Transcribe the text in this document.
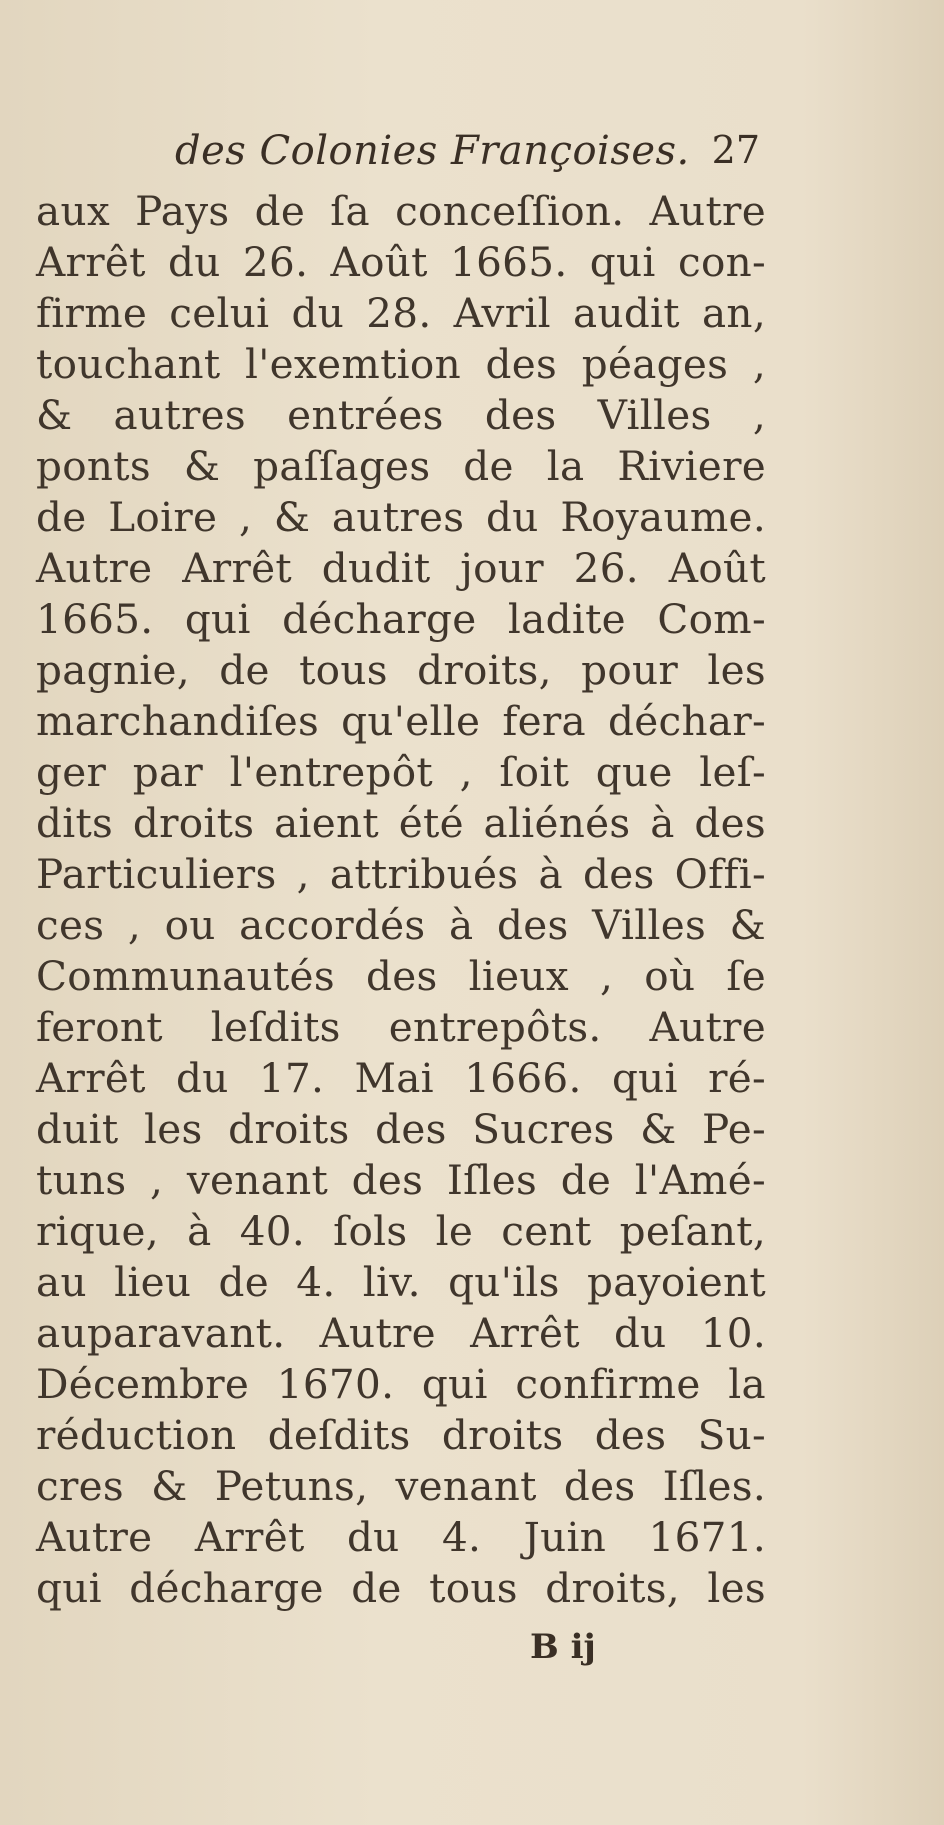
des Colonies Françoises. 27
aux Pays de ſa conceſſion. Autre
Arrêt du 26. Août 1665. qui con-
firme celui du 28. Avril audit an,
touchant l'exemtion des péages ,
& autres entrées des Villes ,
ponts & paſſages de la Riviere
de Loire , & autres du Royaume.
Autre Arrêt dudit jour 26. Août
1665. qui décharge ladite Com-
pagnie, de tous droits, pour les
marchandiſes qu'elle fera déchar-
ger par l'entrepôt , ſoit que leſ-
dits droits aient été aliénés à des
Particuliers , attribués à des Offi-
ces , ou accordés à des Villes &
Communautés des lieux , où ſe
feront leſdits entrepôts. Autre
Arrêt du 17. Mai 1666. qui ré-
duit les droits des Sucres & Pe-
tuns , venant des Iſles de l'Amé-
rique, à 40. ſols le cent peſant,
au lieu de 4. liv. qu'ils payoient
auparavant. Autre Arrêt du 10.
Décembre 1670. qui confirme la
réduction deſdits droits des Su-
cres & Petuns, venant des Iſles.
Autre Arrêt du 4. Juin 1671.
qui décharge de tous droits, les
B ij
